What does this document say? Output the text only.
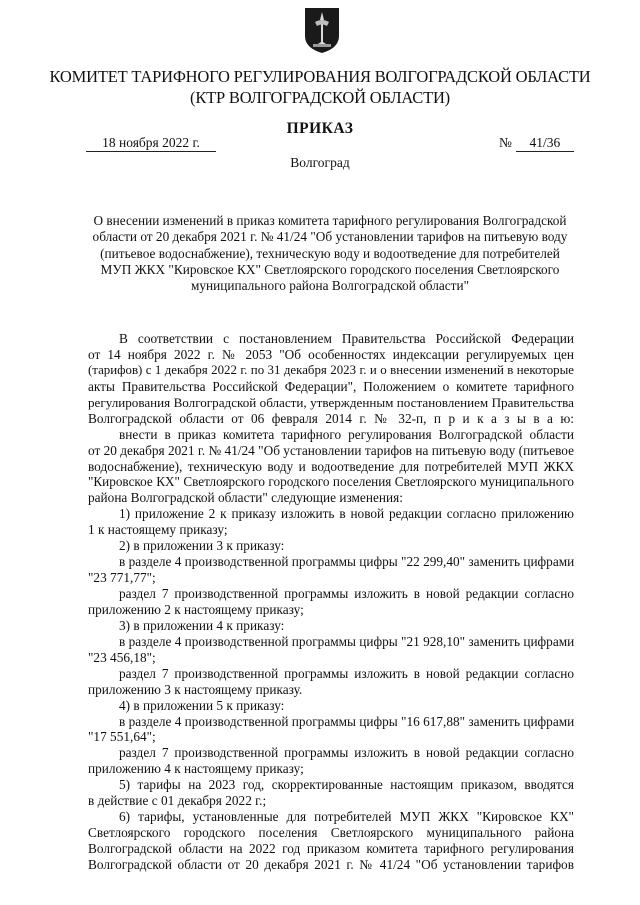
КОМИТЕТ ТАРИФНОГО РЕГУЛИРОВАНИЯ ВОЛГОГРАДСКОЙ ОБЛАСТИ
(КТР ВОЛГОГРАДСКОЙ ОБЛАСТИ)
ПРИКАЗ
18 ноября 2022 г.	№ 41/36
Волгоград
О внесении изменений в приказ комитета тарифного регулирования Волгоградской
области от 20 декабря 2021 г. № 41/24 "Об установлении тарифов на питьевую воду
(питьевое водоснабжение), техническую воду и водоотведение для потребителей
МУП ЖКХ "Кировское КХ" Светлоярского городского поселения Светлоярского
муниципального района Волгоградской области"
В соответствии с постановлением Правительства Российской Федерации
от 14 ноября 2022 г. № 2053 "Об особенностях индексации регулируемых цен
(тарифов) с 1 декабря 2022 г. по 31 декабря 2023 г. и о внесении изменений в некоторые
акты Правительства Российской Федерации", Положением о комитете тарифного
регулирования Волгоградской области, утвержденным постановлением Правительства
Волгоградской области от 06 февраля 2014 г. № 32-п, п р и к а з ы в а ю:
внести в приказ комитета тарифного регулирования Волгоградской области
от 20 декабря 2021 г. № 41/24 "Об установлении тарифов на питьевую воду (питьевое
водоснабжение), техническую воду и водоотведение для потребителей МУП ЖКХ
"Кировское КХ" Светлоярского городского поселения Светлоярского муниципального
района Волгоградской области" следующие изменения:
1) приложение 2 к приказу изложить в новой редакции согласно приложению
1 к настоящему приказу;
2) в приложении 3 к приказу:
в разделе 4 производственной программы цифры "22 299,40" заменить цифрами
"23 771,77";
раздел 7 производственной программы изложить в новой редакции согласно
приложению 2 к настоящему приказу;
3) в приложении 4 к приказу:
в разделе 4 производственной программы цифры "21 928,10" заменить цифрами
"23 456,18";
раздел 7 производственной программы изложить в новой редакции согласно
приложению 3 к настоящему приказу.
4) в приложении 5 к приказу:
в разделе 4 производственной программы цифры "16 617,88" заменить цифрами
"17 551,64";
раздел 7 производственной программы изложить в новой редакции согласно
приложению 4 к настоящему приказу;
5) тарифы на 2023 год, скорректированные настоящим приказом, вводятся
в действие с 01 декабря 2022 г.;
6) тарифы, установленные для потребителей МУП ЖКХ "Кировское КХ"
Светлоярского городского поселения Светлоярского муниципального района
Волгоградской области на 2022 год приказом комитета тарифного регулирования
Волгоградской области от 20 декабря 2021 г. № 41/24 "Об установлении тарифов
